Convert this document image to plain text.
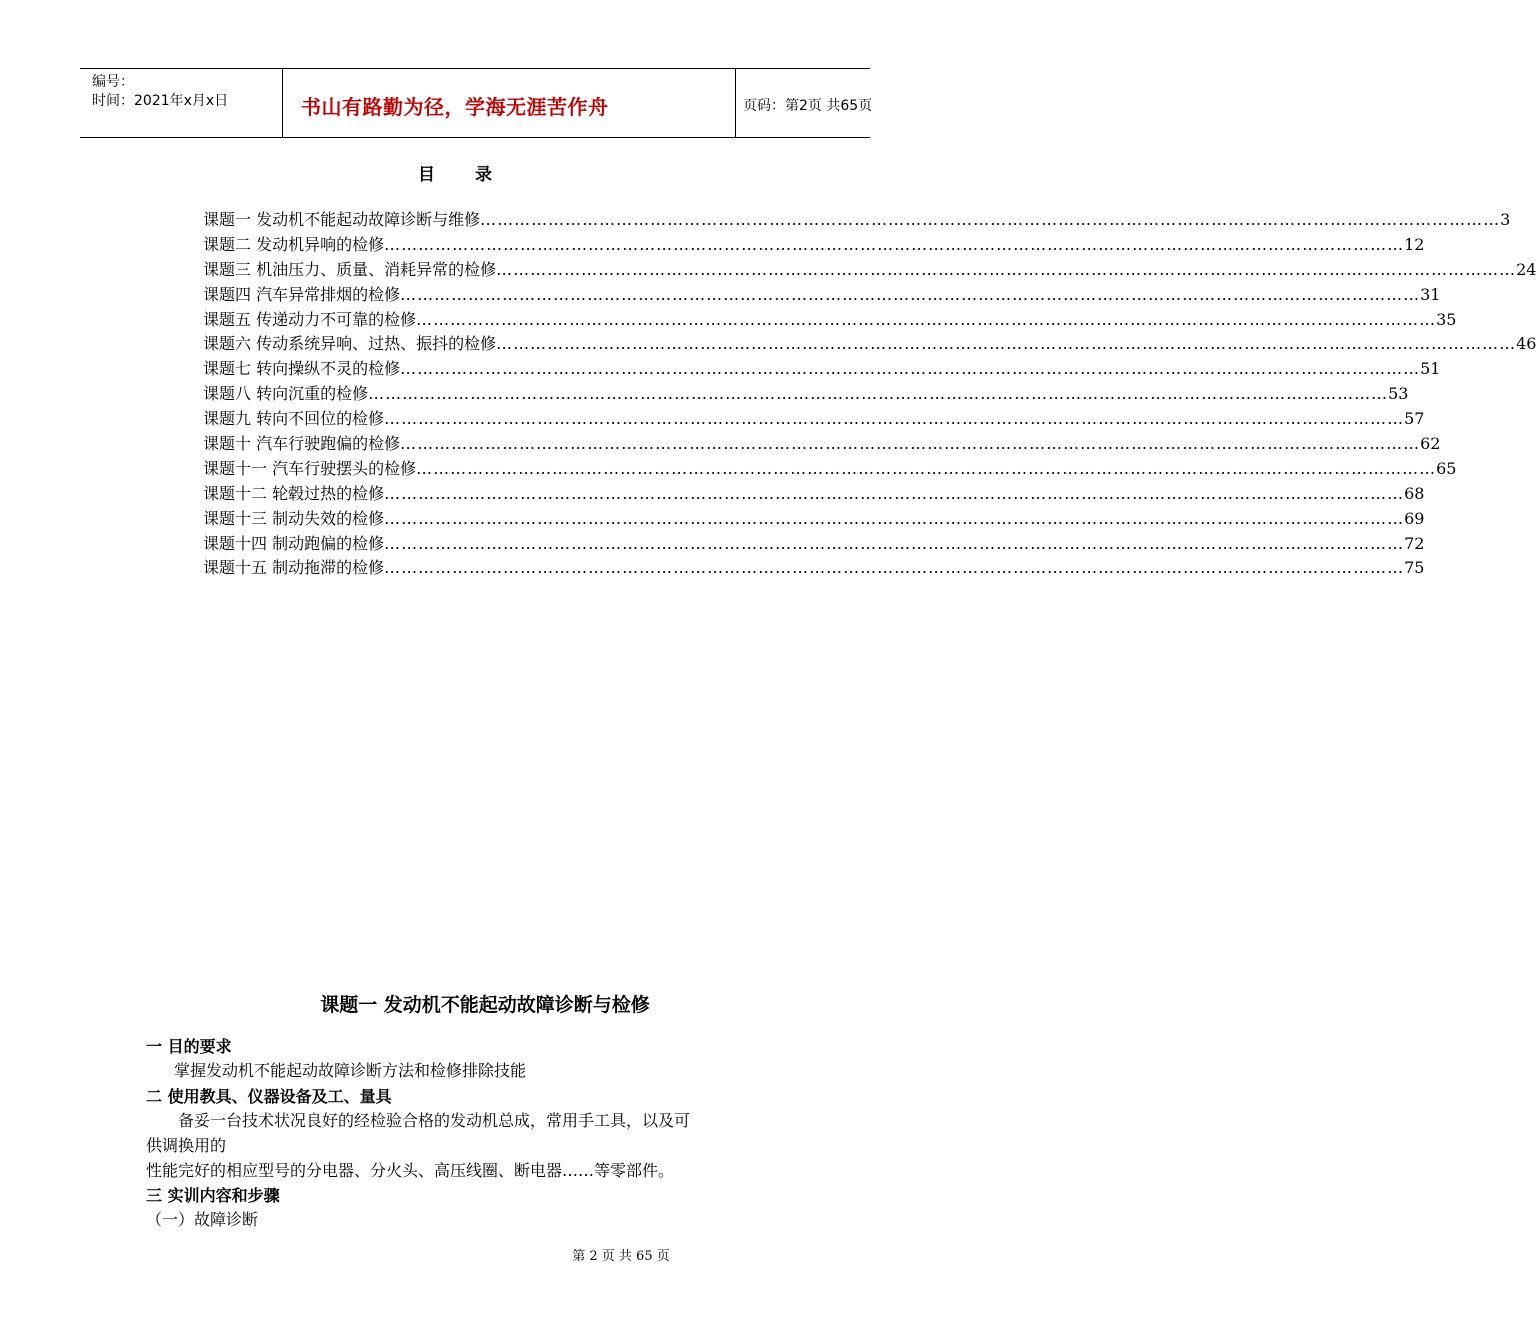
编号：
时间：2021年x月x日	书山有路勤为径，学海无涯苦作舟	页码：第2页 共65页
目录
课题一 发动机不能起动故障诊断与维修 ……………………………………………………………………………………………………………………………………………………………… 3
课题二 发动机异响的检修 ……………………………………………………………………………………………………………………………………………………………… 12
课题三 机油压力、质量、消耗异常的检修 ……………………………………………………………………………………………………………………………………………………………… 24
课题四 汽车异常排烟的检修 ……………………………………………………………………………………………………………………………………………………………… 31
课题五 传递动力不可靠的检修 ……………………………………………………………………………………………………………………………………………………………… 35
课题六 传动系统异响、过热、振抖的检修 ……………………………………………………………………………………………………………………………………………………………… 46
课题七 转向操纵不灵的检修 ……………………………………………………………………………………………………………………………………………………………… 51
课题八 转向沉重的检修 ……………………………………………………………………………………………………………………………………………………………… 53
课题九 转向不回位的检修 ……………………………………………………………………………………………………………………………………………………………… 57
课题十 汽车行驶跑偏的检修 ……………………………………………………………………………………………………………………………………………………………… 62
课题十一 汽车行驶摆头的检修 ……………………………………………………………………………………………………………………………………………………………… 65
课题十二 轮毂过热的检修 ……………………………………………………………………………………………………………………………………………………………… 68
课题十三 制动失效的检修 ……………………………………………………………………………………………………………………………………………………………… 69
课题十四 制动跑偏的检修 ……………………………………………………………………………………………………………………………………………………………… 72
课题十五 制动拖滞的检修 ……………………………………………………………………………………………………………………………………………………………… 75
课题一 发动机不能起动故障诊断与检修
一 目的要求
掌握发动机不能起动故障诊断方法和检修排除技能
二 使用教具、仪器设备及工、量具
备妥一台技术状况良好的经检验合格的发动机总成，常用手工具，以及可
供调换用的
性能完好的相应型号的分电器、分火头、高压线圈、断电器……等零部件。
三 实训内容和步骤
（一）故障诊断
第 2 页 共 65 页
